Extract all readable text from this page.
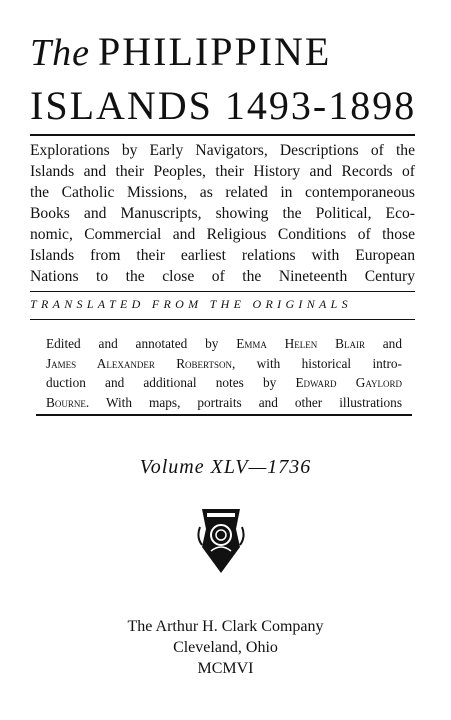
The PHILIPPINE
ISLANDS 1493-1898
Explorations by Early Navigators, Descriptions of the
Islands and their Peoples, their History and Records of
the Catholic Missions, as related in contemporaneous
Books and Manuscripts, showing the Political, Eco-
nomic, Commercial and Religious Conditions of those
Islands from their earliest relations with European
Nations to the close of the Nineteenth Century
TRANSLATED FROM THE ORIGINALS
Edited and annotated by Emma Helen Blair and
James Alexander Robertson, with historical intro-
duction and additional notes by Edward Gaylord
Bourne. With maps, portraits and other illustrations
Volume XLV—1736
The Arthur H. Clark Company
Cleveland, Ohio
MCMVI
